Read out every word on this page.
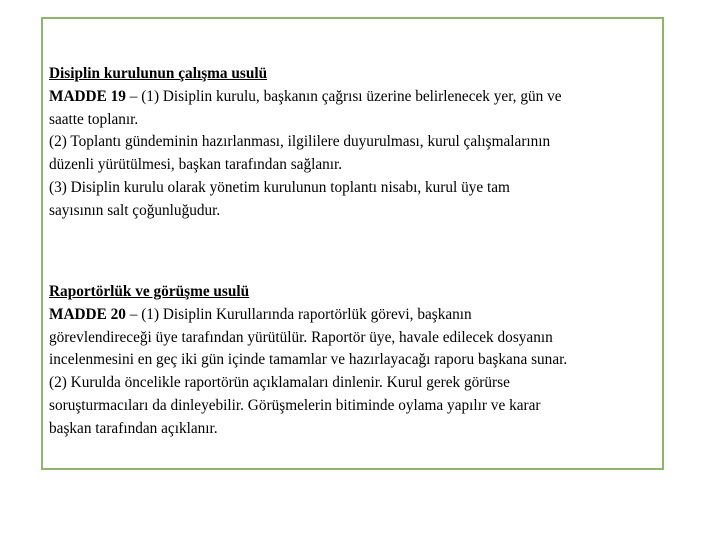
Disiplin kurulunun çalışma usulü
MADDE 19 – (1) Disiplin kurulu, başkanın çağrısı üzerine belirlenecek yer, gün ve
saatte toplanır.
(2) Toplantı gündeminin hazırlanması, ilgililere duyurulması, kurul çalışmalarının
düzenli yürütülmesi, başkan tarafından sağlanır.
(3) Disiplin kurulu olarak yönetim kurulunun toplantı nisabı, kurul üye tam
sayısının salt çoğunluğudur.
Raportörlük ve görüşme usulü
MADDE 20 – (1) Disiplin Kurullarında raportörlük görevi, başkanın
görevlendireceği üye tarafından yürütülür. Raportör üye, havale edilecek dosyanın
incelenmesini en geç iki gün içinde tamamlar ve hazırlayacağı raporu başkana sunar.
(2) Kurulda öncelikle raportörün açıklamaları dinlenir. Kurul gerek görürse
soruşturmacıları da dinleyebilir. Görüşmelerin bitiminde oylama yapılır ve karar
başkan tarafından açıklanır.
